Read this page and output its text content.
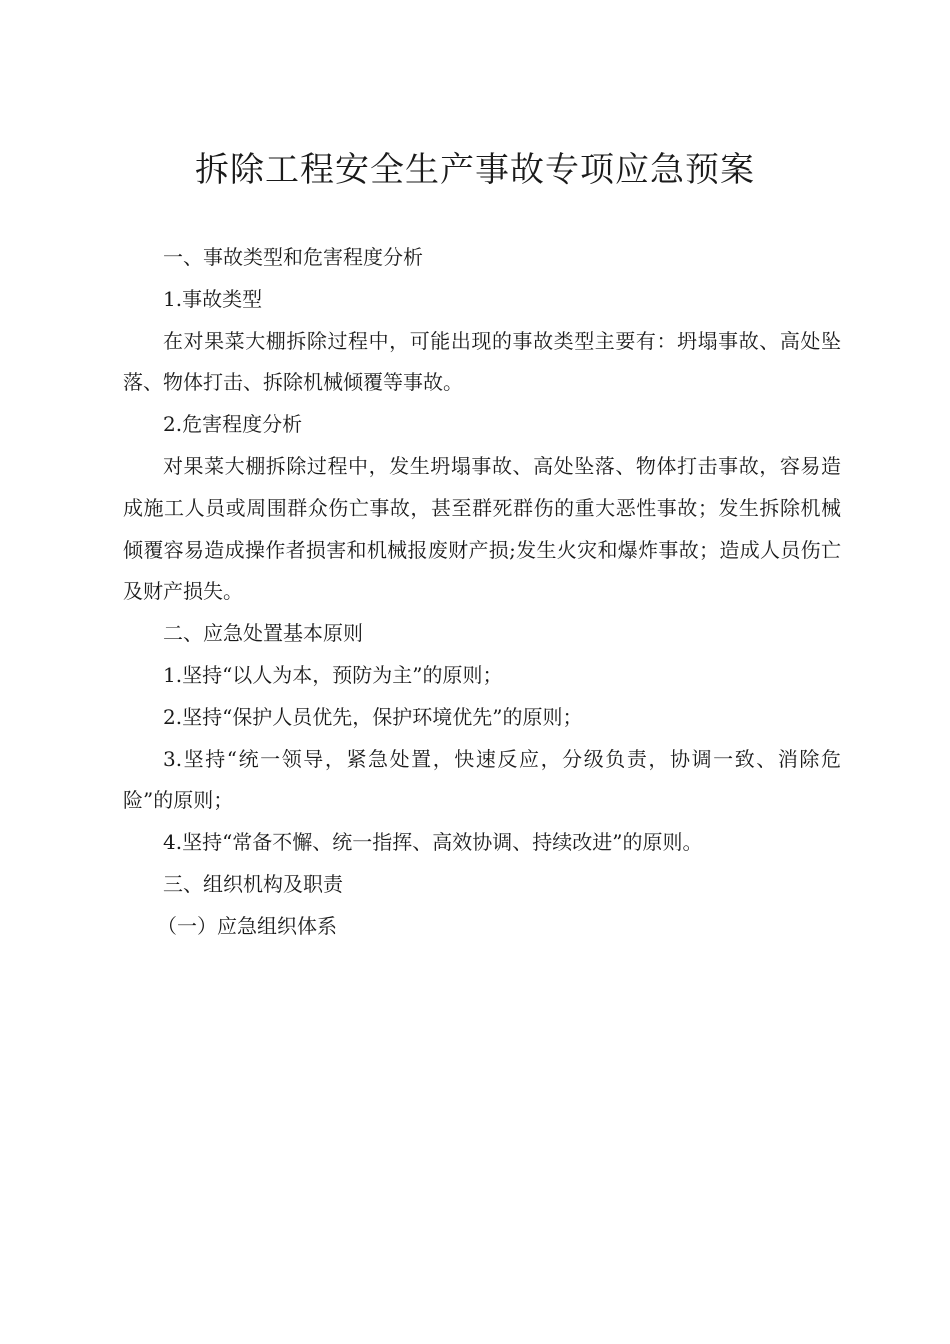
拆除工程安全生产事故专项应急预案

一、事故类型和危害程度分析

1.事故类型

在对果菜大棚拆除过程中，可能出现的事故类型主要有：坍塌事故、高处坠落、物体打击、拆除机械倾覆等事故。

2.危害程度分析

对果菜大棚拆除过程中，发生坍塌事故、高处坠落、物体打击事故，容易造成施工人员或周围群众伤亡事故，甚至群死群伤的重大恶性事故；发生拆除机械倾覆容易造成操作者损害和机械报废财产损;发生火灾和爆炸事故；造成人员伤亡及财产损失。

二、应急处置基本原则

1.坚持“以人为本，预防为主”的原则；

2.坚持“保护人员优先，保护环境优先”的原则；

3.坚持“统一领导，紧急处置，快速反应，分级负责，协调一致、消除危险”的原则；

4.坚持“常备不懈、统一指挥、高效协调、持续改进”的原则。

三、组织机构及职责

（一）应急组织体系
